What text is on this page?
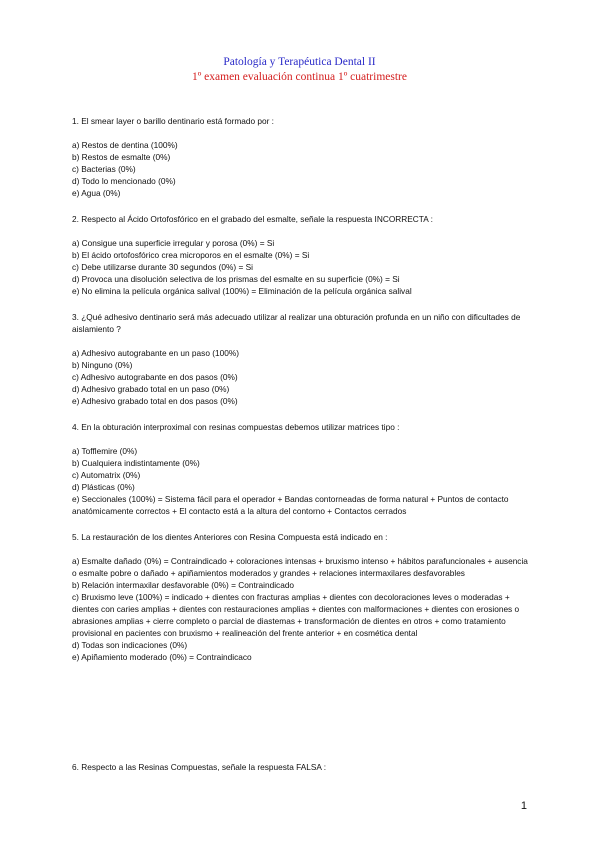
Patología y Terapéutica Dental II
1º examen evaluación continua 1º cuatrimestre

1. El smear layer o barillo dentinario está formado por :

a) Restos de dentina (100%)

b) Restos de esmalte (0%)

c) Bacterias (0%)

d) Todo lo mencionado (0%)

e) Agua (0%)

2. Respecto al Ácido Ortofosfórico en el grabado del esmalte, señale la respuesta INCORRECTA :

a) Consigue una superficie irregular y porosa (0%) = Si

b) El ácido ortofosfórico crea microporos en el esmalte (0%) = Si

c) Debe utilizarse durante 30 segundos (0%) = Si

d) Provoca una disolución selectiva de los prismas del esmalte en su superficie (0%) = Si

e) No elimina la película orgánica salival (100%) = Eliminación de la película orgánica salival

3. ¿Qué adhesivo dentinario será más adecuado utilizar al realizar una obturación profunda en un niño con dificultades de aislamiento ?

a) Adhesivo autograbante en un paso (100%)

b) Ninguno (0%)

c) Adhesivo autograbante en dos pasos (0%)

d) Adhesivo grabado total en un paso (0%)

e) Adhesivo grabado total en dos pasos (0%)

4. En la obturación interproximal con resinas compuestas debemos utilizar matrices tipo :

a) Tofflemire (0%)

b) Cualquiera indistintamente (0%)

c) Automatrix (0%)

d) Plásticas (0%)

e) Seccionales (100%) = Sistema fácil para el operador + Bandas contorneadas de forma natural + Puntos de contacto anatómicamente correctos + El contacto está a la altura del contorno + Contactos cerrados

5. La restauración de los dientes Anteriores con Resina Compuesta está indicado en :

a) Esmalte dañado (0%) = Contraindicado + coloraciones intensas + bruxismo intenso + hábitos parafuncionales + ausencia o esmalte pobre o dañado + apiñamientos moderados y grandes + relaciones intermaxilares desfavorables

b) Relación intermaxilar desfavorable (0%) = Contraindicado

c) Bruxismo leve (100%) = indicado + dientes con fracturas amplias + dientes con decoloraciones leves o moderadas + dientes con caries amplias + dientes con restauraciones amplias + dientes con malformaciones + dientes con erosiones o abrasiones amplias + cierre completo o parcial de diastemas + transformación de dientes en otros + como tratamiento provisional en pacientes con bruxismo + realineación del frente anterior + en cosmética dental

d) Todas son indicaciones (0%)

e) Apiñamiento moderado (0%) = Contraindicaco

6. Respecto a las Resinas Compuestas, señale la respuesta FALSA :

1
